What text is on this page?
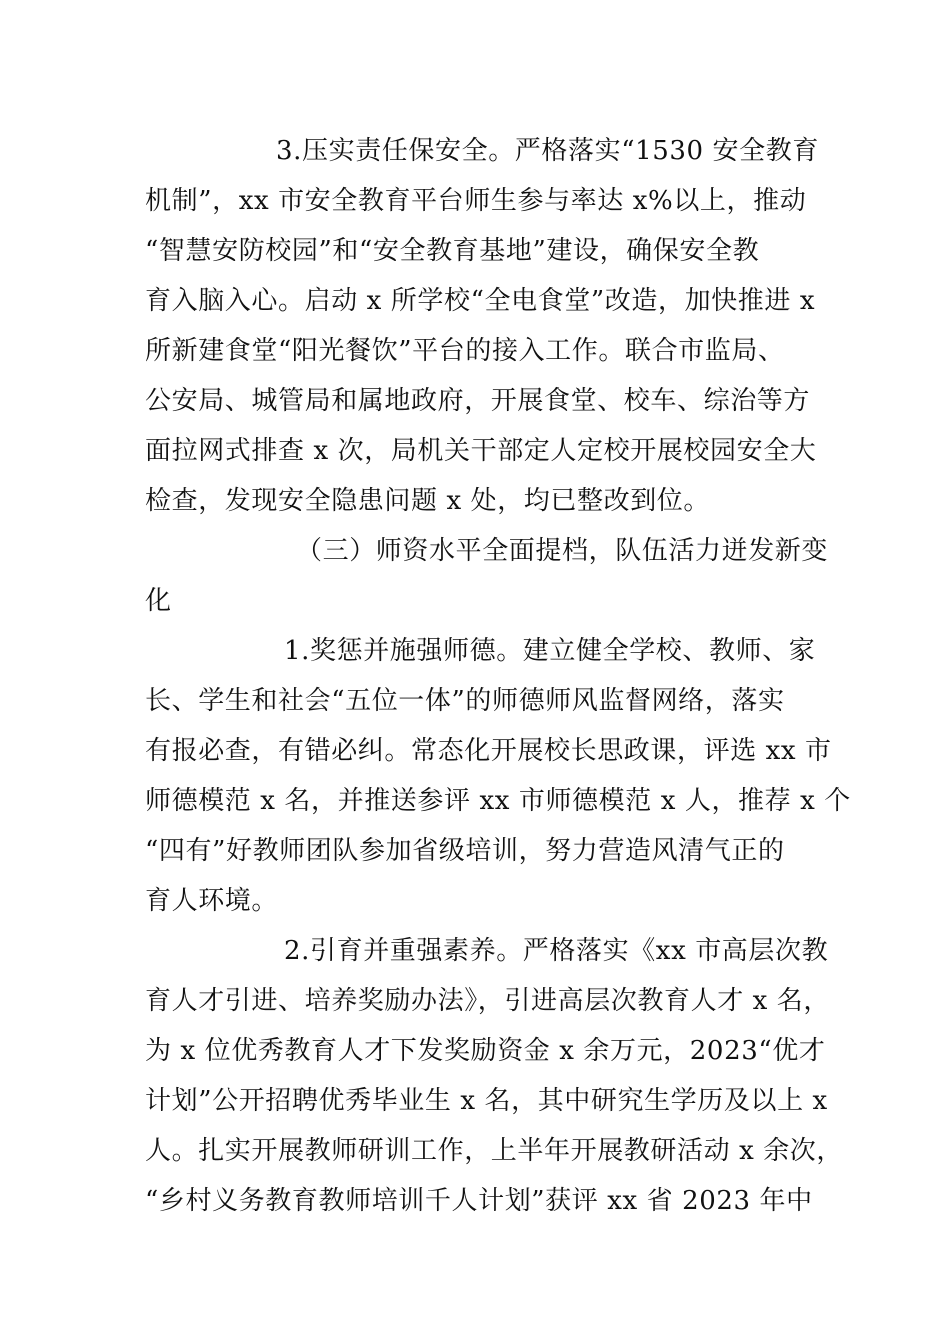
3.压实责任保安全。严格落实“1530 安全教育
机制”，xx 市安全教育平台师生参与率达 x%以上，推动
“智慧安防校园”和“安全教育基地”建设，确保安全教
育入脑入心。启动 x 所学校“全电食堂”改造，加快推进 x
所新建食堂“阳光餐饮”平台的接入工作。联合市监局、
公安局、城管局和属地政府，开展食堂、校车、综治等方
面拉网式排查 x 次，局机关干部定人定校开展校园安全大
检查，发现安全隐患问题 x 处，均已整改到位。
（三）师资水平全面提档，队伍活力迸发新变
化
1.奖惩并施强师德。建立健全学校、教师、家
长、学生和社会“五位一体”的师德师风监督网络，落实
有报必查，有错必纠。常态化开展校长思政课，评选 xx 市
师德模范 x 名，并推送参评 xx 市师德模范 x 人，推荐 x 个
“四有”好教师团队参加省级培训，努力营造风清气正的
育人环境。
2.引育并重强素养。严格落实《xx 市高层次教
育人才引进、培养奖励办法》，引进高层次教育人才 x 名，
为 x 位优秀教育人才下发奖励资金 x 余万元，2023“优才
计划”公开招聘优秀毕业生 x 名，其中研究生学历及以上 x
人。扎实开展教师研训工作，上半年开展教研活动 x 余次，
“乡村义务教育教师培训千人计划”获评 xx 省 2023 年中
